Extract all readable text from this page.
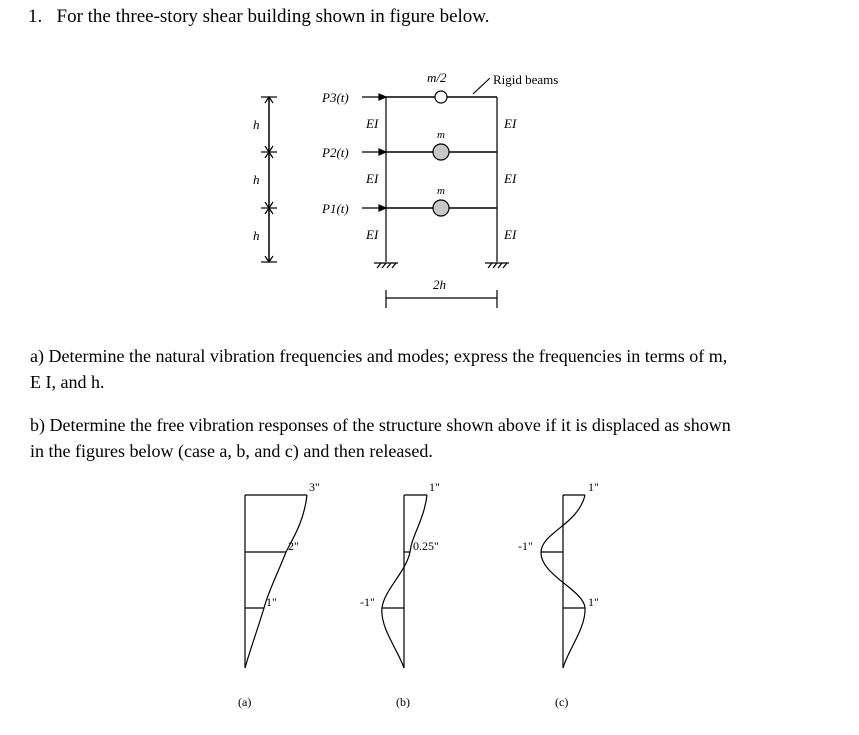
1. For the three-story shear building shown in figure below.
h
h
h
P3(t)
P2(t)
P1(t)
m/2
m
m
Rigid beams
EI
EI
EI
EI
EI
EI
2h
3"
2"
1"
(a)
1"
0.25"
-1"
(b)
1"
-1"
1"
(c)
a) Determine the natural vibration frequencies and modes; express the frequencies in terms of m,
E I, and h.
b) Determine the free vibration responses of the structure shown above if it is displaced as shown
in the figures below (case a, b, and c) and then released.
